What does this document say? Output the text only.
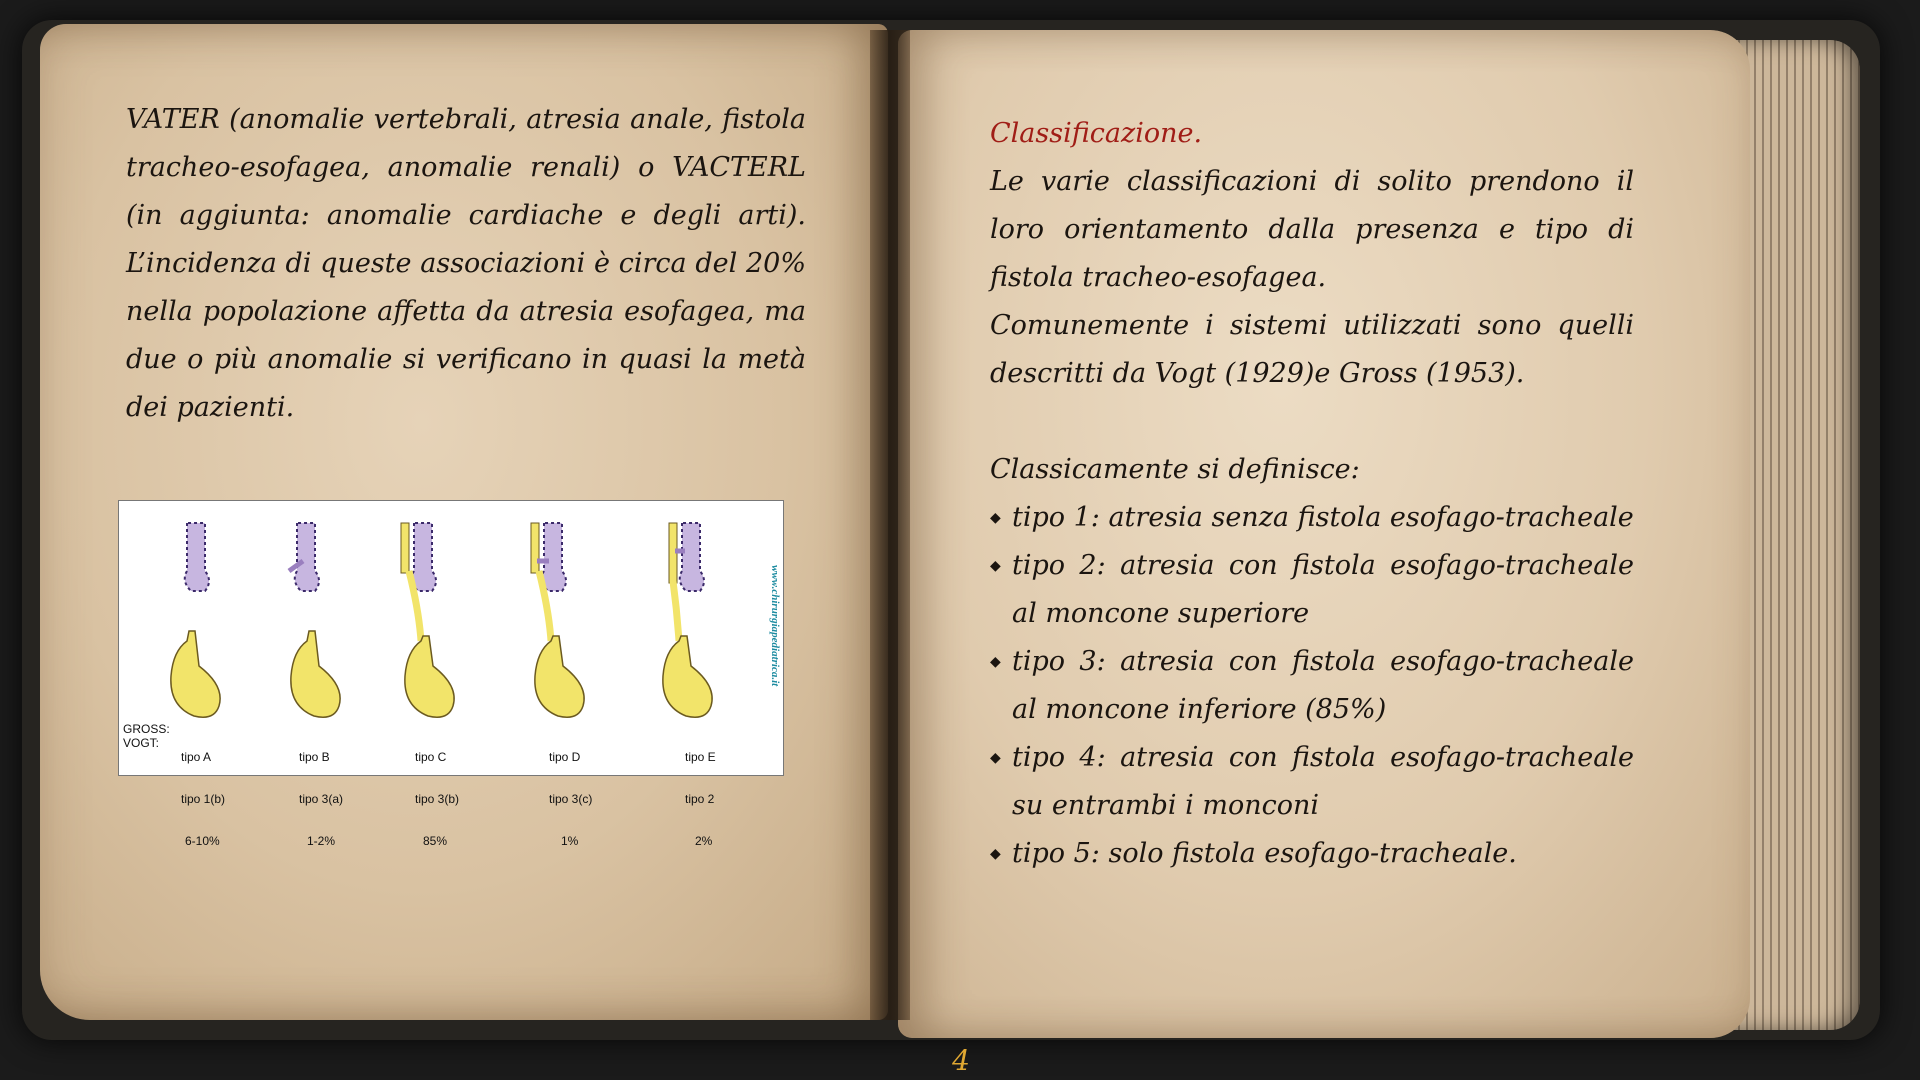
VATER (anomalie vertebrali, atresia anale, fistola tracheo-esofagea, anomalie renali) o VACTERL (in aggiunta: anomalie cardiache e degli arti). L’incidenza di queste associazioni è circa del 20% nella popolazione affetta da atresia esofagea, ma due o più anomalie si verificano in quasi la metà dei pazienti.
GROSS:
VOGT:

tipo A

tipo 1(b)

6-10%

tipo B

tipo 3(a)

1-2%

tipo C

tipo 3(b)

85%

tipo D

tipo 3(c)

1%

tipo E

tipo 2

2%

www.chirurgiapediatrica.it
Classificazione.
Le varie classificazioni di solito prendono il loro orientamento dalla presenza e tipo di fistola tracheo-esofagea.
Comunemente i sistemi utilizzati sono quelli descritti da Vogt (1929)e Gross (1953).
Classicamente si definisce:
◆ tipo 1: atresia senza fistola esofago-tracheale
◆ tipo 2: atresia con fistola esofago-tracheale al moncone superiore
◆ tipo 3: atresia con fistola esofago-tracheale al moncone inferiore (85%)
◆ tipo 4: atresia con fistola esofago-tracheale su entrambi i monconi
◆ tipo 5: solo fistola esofago-tracheale.
4
